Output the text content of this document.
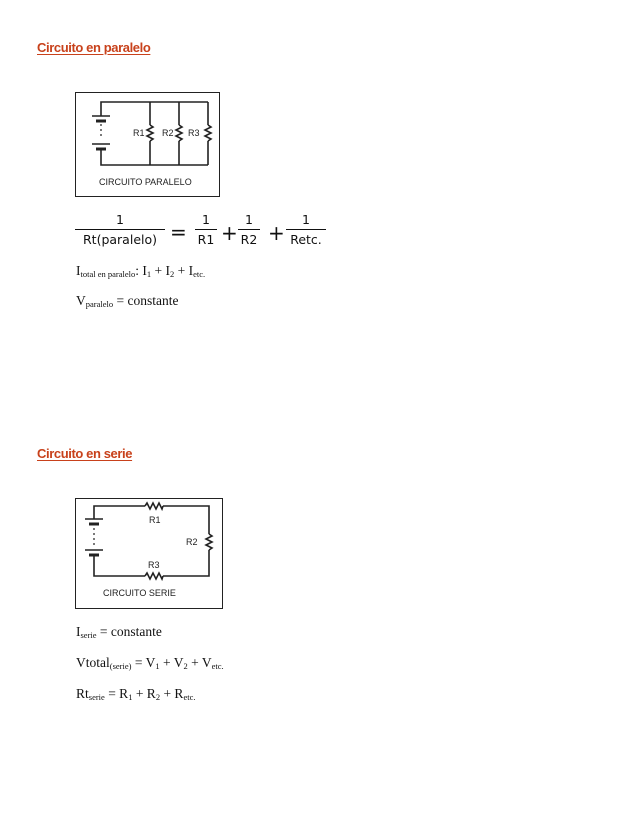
Circuito en paralelo
R1 R2 R3
CIRCUITO PARALELO
1
Rt(paralelo) =
1
R1 +
1
R2 +
1
Retc.
$I_{total en paralelo}$: $I_1 + I_2 + I_{etc.}$
$V_{paralelo}$ = constante
Circuito en serie
R1
R2
R3
CIRCUITO SERIE
$I_{serie}$ = constante
Vtotal$_{(serie)}$ = $V_1 + V_2 + V_{etc.}$
$Rt_{serie} = R_1 + R_2 + R_{etc.}$
